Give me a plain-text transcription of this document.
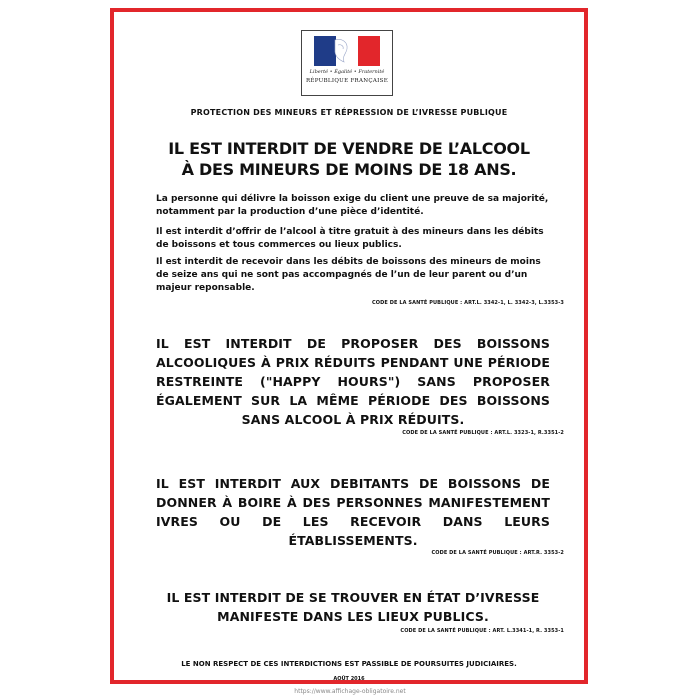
Liberté • Égalité • Fraternité
RÉPUBLIQUE FRANÇAISE
PROTECTION DES MINEURS ET RÉPRESSION DE L’IVRESSE PUBLIQUE
IL EST INTERDIT DE VENDRE DE L’ALCOOL
À DES MINEURS DE MOINS DE 18 ANS.
La personne qui délivre la boisson exige du client une preuve de sa majorité, notamment par la production d’une pièce d’identité.
Il est interdit d’offrir de l’alcool à titre gratuit à des mineurs dans les débits de boissons et tous commerces ou lieux publics.
Il est interdit de recevoir dans les débits de boissons des mineurs de moins de seize ans qui ne sont pas accompagnés de l’un de leur parent ou d’un majeur reponsable.
CODE DE LA SANTÉ PUBLIQUE : ART.L. 3342-1, L. 3342-3, L.3353-3
IL EST INTERDIT DE PROPOSER DES BOISSONS ALCOOLIQUES À PRIX RÉDUITS PENDANT UNE PÉRIODE RESTREINTE ("HAPPY HOURS") SANS PROPOSER ÉGALEMENT SUR LA MÊME PÉRIODE DES BOISSONS SANS ALCOOL À PRIX RÉDUITS.
CODE DE LA SANTÉ PUBLIQUE : ART.L. 3323-1, R.3351-2
IL EST INTERDIT AUX DEBITANTS DE BOISSONS DE DONNER À BOIRE À DES PERSONNES MANIFESTEMENT IVRES OU DE LES RECEVOIR DANS LEURS ÉTABLISSEMENTS.
CODE DE LA SANTÉ PUBLIQUE : ART.R. 3353-2
IL EST INTERDIT DE SE TROUVER EN ÉTAT D’IVRESSE MANIFESTE DANS LES LIEUX PUBLICS.
CODE DE LA SANTÉ PUBLIQUE : ART. L.3341-1, R. 3353-1
LE NON RESPECT DE CES INTERDICTIONS EST PASSIBLE DE POURSUITES JUDICIAIRES.
AOÛT 2016
https://www.affichage-obligatoire.net
